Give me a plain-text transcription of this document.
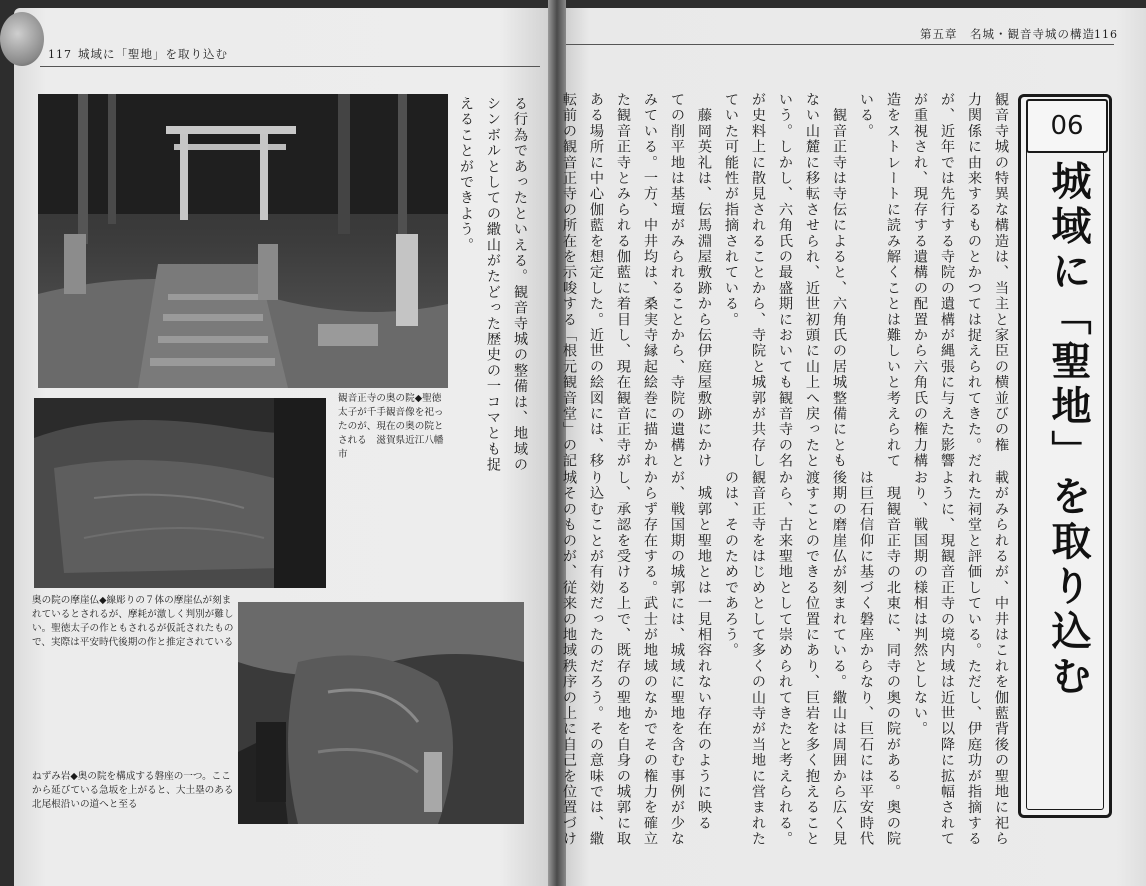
117 城域に「聖地」を取り込む
第五章　名城・観音寺城の構造 116
観音正寺の奥の院◆聖徳太子が千手観音像を祀ったのが、現在の奥の院とされる　滋賀県近江八幡市
奥の院の摩崖仏◆線彫りの７体の摩崖仏が刻まれているとされるが、摩耗が激しく判別が難しい。聖徳太子の作ともされるが仮託されたもので、実際は平安時代後期の作と推定されている
ねずみ岩◆奥の院を構成する磐座の一つ。ここから延びている急坂を上がると、大土塁のある北尾根沿いの道へと至る
る行為であったといえる。観音寺城の整備は、地域の
シンボルとしての繖山がたどった歴史の一コマとも捉
えることができよう。	観音寺城の特異な構造は、当主と家臣の横並びの権
力関係に由来するものとかつては捉えられてきた。だ
が、近年では先行する寺院の遺構が縄張に与えた影響
が重視され、現存する遺構の配置から六角氏の権力構
造をストレートに読み解くことは難しいと考えられて
いる。
　観音正寺は寺伝によると、六角氏の居城整備にとも
ない山麓に移転させられ、近世初頭に山上へ戻ったと
いう。しかし、六角氏の最盛期においても観音寺の名
が史料上に散見されることから、寺院と城郭が共存し
ていた可能性が指摘されている。
　藤岡英礼は、伝馬淵屋敷跡から伝伊庭屋敷跡にかけ
ての削平地は基壇がみられることから、寺院の遺構と
みている。一方、中井均は、桑実寺縁起絵巻に描かれ
た観音正寺とみられる伽藍に着目し、現在観音正寺が
ある場所に中心伽藍を想定した。近世の絵図には、移
転前の観音正寺の所在を示唆する「根元観音堂」の記
載がみられるが、中井はこれを伽藍背後の聖地に祀ら
れた祠堂と評価している。ただし、伊庭功が指摘する
ように、現観音正寺の境内域は近世以降に拡幅されて
おり、戦国期の様相は判然としない。
　現観音正寺の北東に、同寺の奥の院がある。奥の院
は巨石信仰に基づく磐座からなり、巨石には平安時代
後期の磨崖仏が刻まれている。繖山は周囲から広く見
渡すことのできる位置にあり、巨岩を多く抱えること
から、古来聖地として崇められてきたと考えられる。
観音正寺をはじめとして多くの山寺が当地に営まれた
のは、そのためであろう。
　城郭と聖地とは一見相容れない存在のように映る
が、戦国期の城郭には、城域に聖地を含む事例が少な
からず存在する。武士が地域のなかでその権力を確立
し、承認を受ける上で、既存の聖地を自身の城郭に取
り込むことが有効だったのだろう。その意味では、繖
城そのものが、従来の地域秩序の上に自己を位置づけ
06
城域に「聖地」を取り込む
